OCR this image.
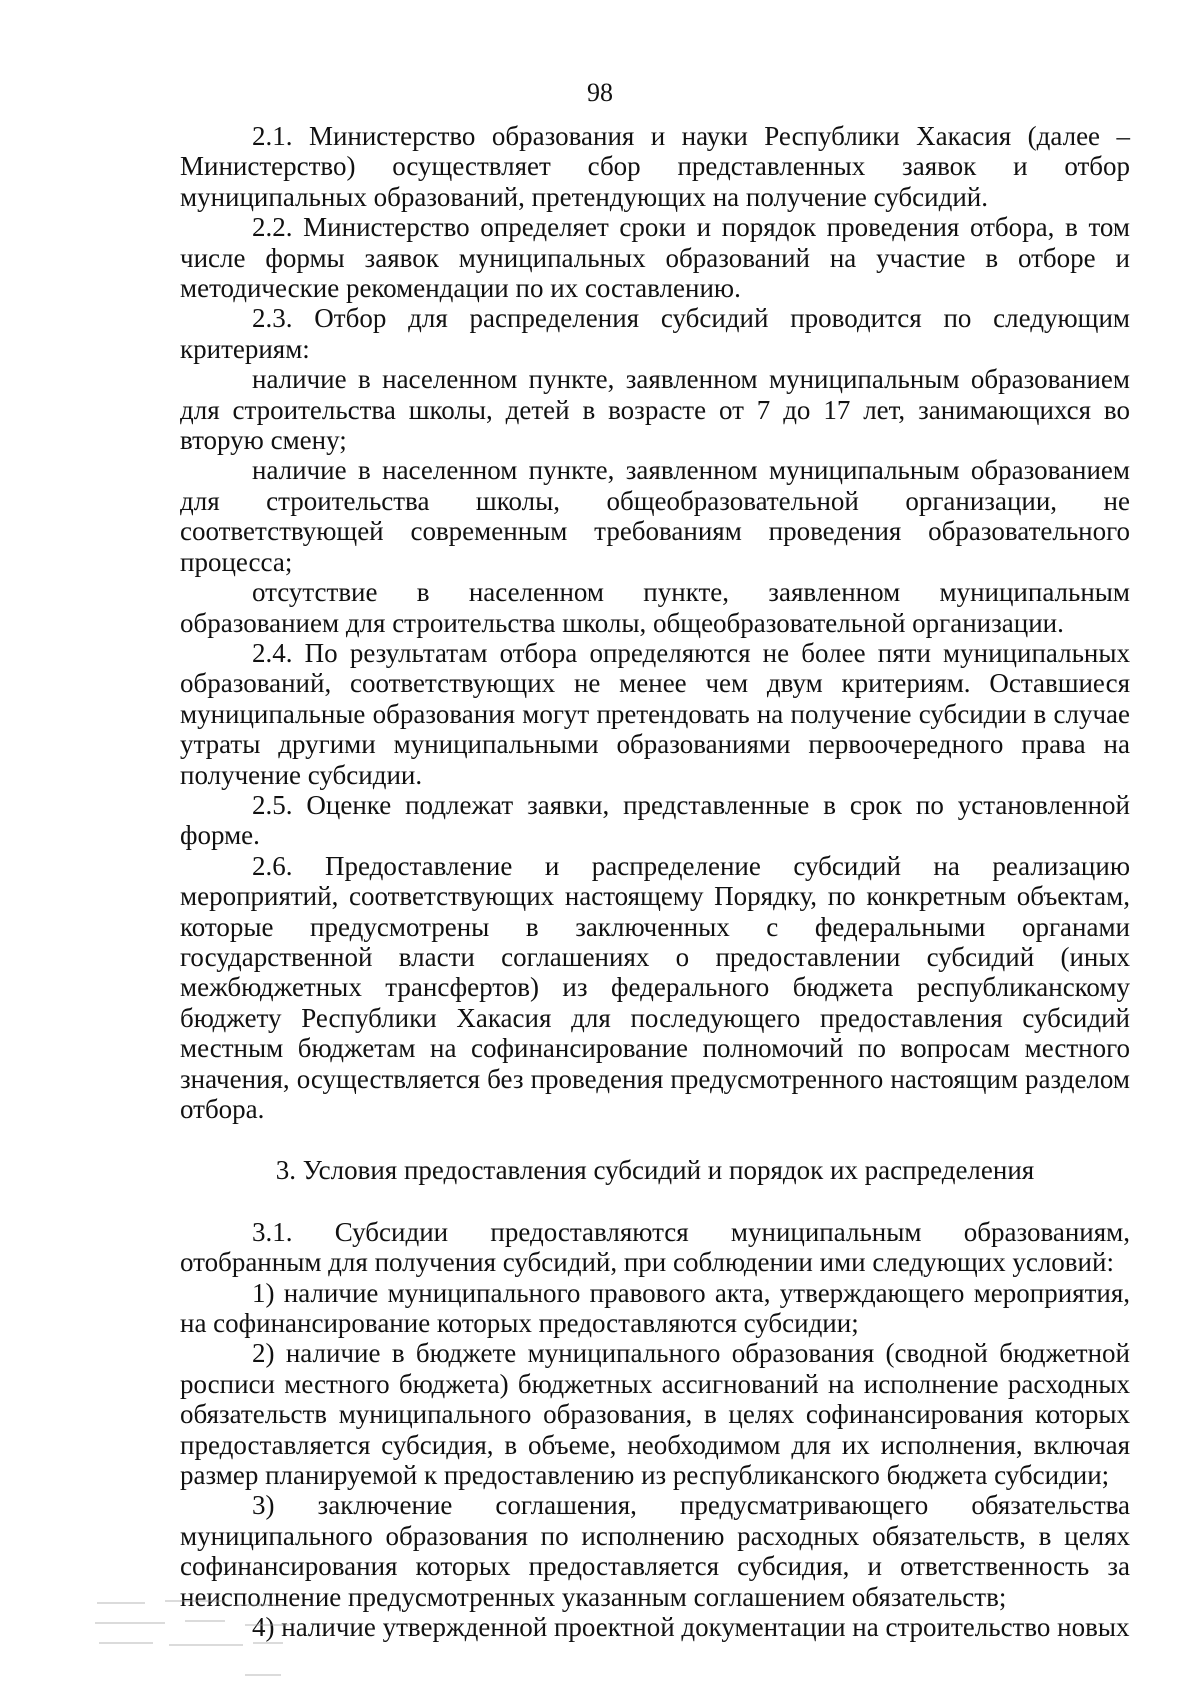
98

2.1. Министерство образования и науки Республики Хакасия (далее – Министерство) осуществляет сбор представленных заявок и отбор муниципальных образований, претендующих на получение субсидий.

2.2. Министерство определяет сроки и порядок проведения отбора, в том числе формы заявок муниципальных образований на участие в отборе и методические рекомендации по их составлению.

2.3. Отбор для распределения субсидий проводится по следующим критериям:

наличие в населенном пункте, заявленном муниципальным образованием для строительства школы, детей в возрасте от 7 до 17 лет, занимающихся во вторую смену;

наличие в населенном пункте, заявленном муниципальным образованием для строительства школы, общеобразовательной организации, не соответствующей современным требованиям проведения образовательного процесса;

отсутствие в населенном пункте, заявленном муниципальным образованием для строительства школы, общеобразовательной организации.

2.4. По результатам отбора определяются не более пяти муниципальных образований, соответствующих не менее чем двум критериям. Оставшиеся муниципальные образования могут претендовать на получение субсидии в случае утраты другими муниципальными образованиями первоочередного права на получение субсидии.

2.5. Оценке подлежат заявки, представленные в срок по установленной форме.

2.6. Предоставление и распределение субсидий на реализацию мероприятий, соответствующих настоящему Порядку, по конкретным объектам, которые предусмотрены в заключенных с федеральными органами государственной власти соглашениях о предоставлении субсидий (иных межбюджетных трансфертов) из федерального бюджета республиканскому бюджету Республики Хакасия для последующего предоставления субсидий местным бюджетам на софинансирование полномочий по вопросам местного значения, осуществляется без проведения предусмотренного настоящим разделом отбора.

3. Условия предоставления субсидий и порядок их распределения

3.1. Субсидии предоставляются муниципальным образованиям, отобранным для получения субсидий, при соблюдении ими следующих условий:

1) наличие муниципального правового акта, утверждающего мероприятия, на софинансирование которых предоставляются субсидии;

2) наличие в бюджете муниципального образования (сводной бюджетной росписи местного бюджета) бюджетных ассигнований на исполнение расходных обязательств муниципального образования, в целях софинансирования которых предоставляется субсидия, в объеме, необходимом для их исполнения, включая размер планируемой к предоставлению из республиканского бюджета субсидии;

3) заключение соглашения, предусматривающего обязательства муниципального образования по исполнению расходных обязательств, в целях софинансирования которых предоставляется субсидия, и ответственность за неисполнение предусмотренных указанным соглашением обязательств;

4) наличие утвержденной проектной документации на строительство новых
